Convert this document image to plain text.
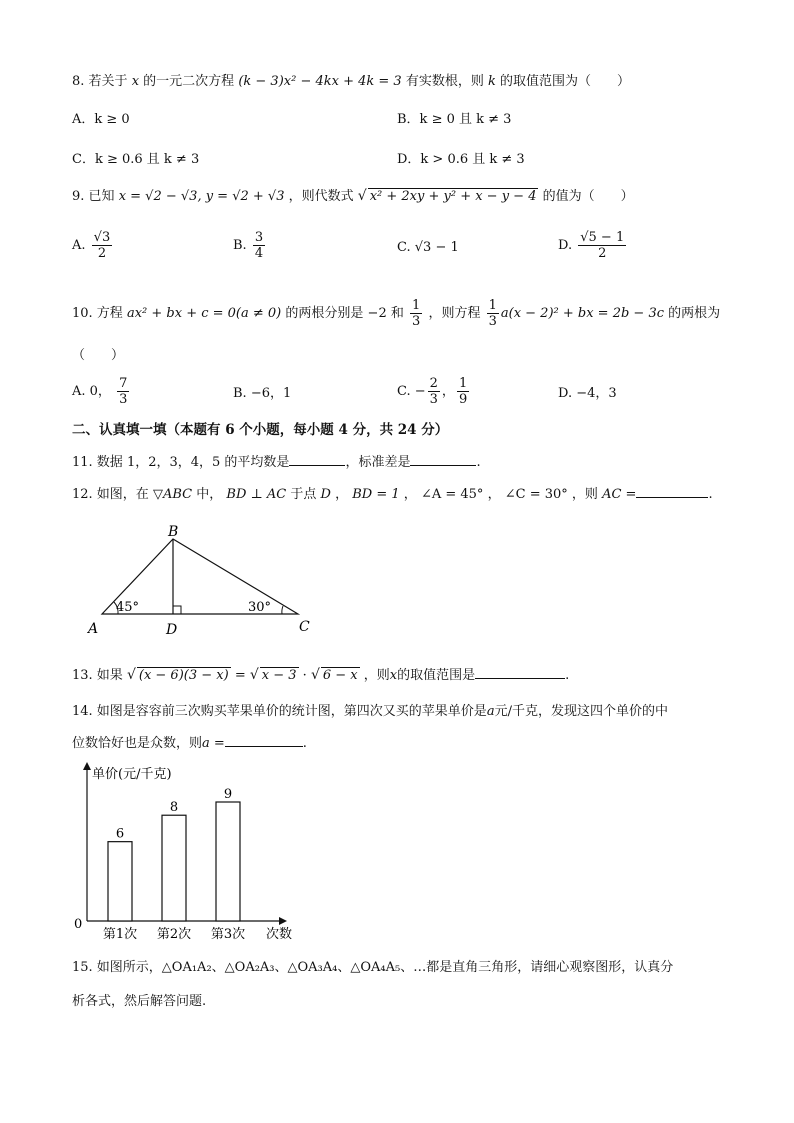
8. 若关于 x 的一元二次方程 (k − 3)x² − 4kx + 4k = 3 有实数根，则 k 的取值范围为（　　）
A．k ≥ 0	B．k ≥ 0 且 k ≠ 3
C．k ≥ 0.6 且 k ≠ 3	D．k > 0.6 且 k ≠ 3
9. 已知 x = √2 − √3, y = √2 + √3 ，则代数式 √ x² + 2xy + y² + x − y − 4 的值为（　　）
A. $\frac{√3}{2}$	B. $\frac{3}{4}$	C. √3 − 1	D. $\frac{√5 - 1}{2}$
10. 方程 ax² + bx + c = 0(a ≠ 0) 的两根分别是 −2 和 $\frac{1}{3}$ ，则方程 $\frac{1}{3} a(x - 2)^2$ + bx = 2b − 3c 的两根为
（　　）
A. 0， $\frac{7}{3}$	B. −6，1	C. − $\frac{2}{3}$ ， $\frac{1}{9}$	D. −4，3
二、认真填一填（本题有 6 个小题，每小题 4 分，共 24 分）
11. 数据 1，2，3，4，5 的平均数是	，标准差是	.
12. 如图，在 ▽ABC 中， BD ⊥ AC 于点 D ， BD = 1 ， ∠A = 45° ， ∠C = 30° ，则 AC =	.
B
A	D	C
45°	30°
13. 如果 √ (x − 6)(3 − x) = √ x − 3 · √ 6 − x ，则x的取值范围是	.
14. 如图是容容前三次购买苹果单价的统计图，第四次又买的苹果单价是a元/千克，发现这四个单价的中
位数恰好也是众数，则a =	.
单价(元/千克)
次数
0
6
第1次
8
第2次
9
第3次
15. 如图所示，△OA₁A₂、△OA₂A₃、△OA₃A₄、△OA₄A₅、…都是直角三角形，请细心观察图形，认真分
析各式，然后解答问题.
